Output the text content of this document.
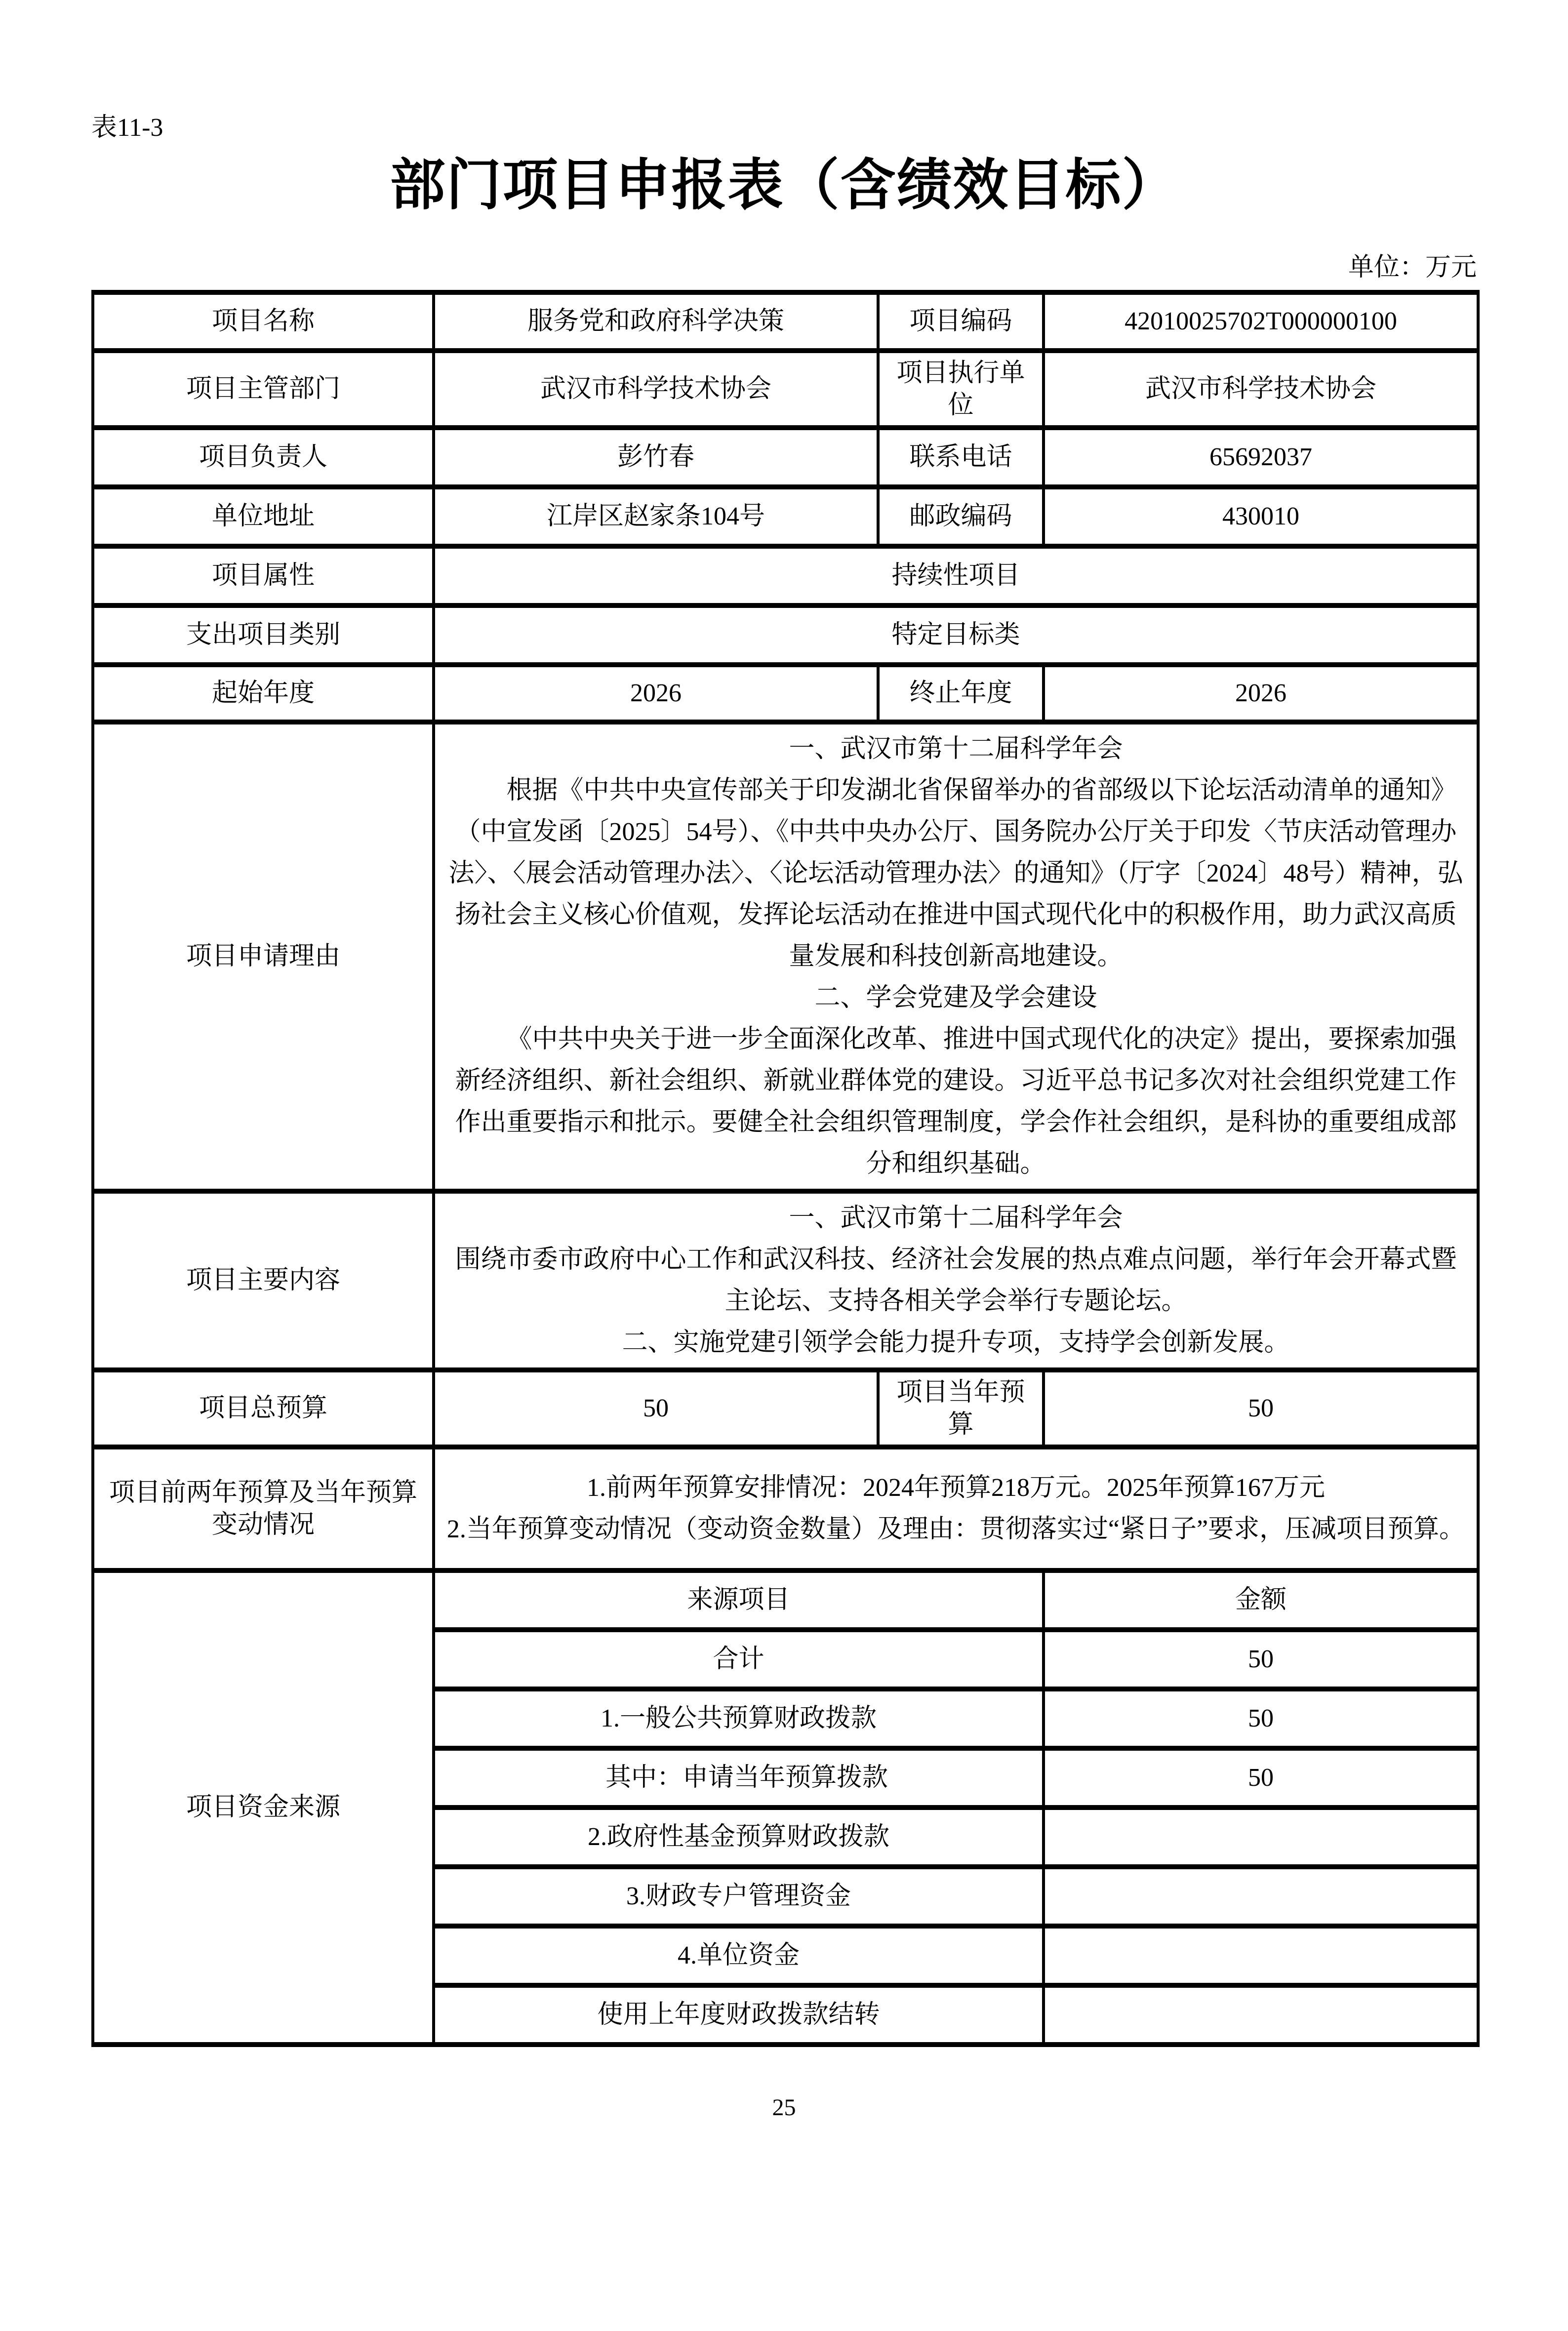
表11-3
部门项目申报表（含绩效目标）
单位：万元
项目名称	服务党和政府科学决策	项目编码	42010025702T000000100
项目主管部门	武汉市科学技术协会	项目执行单位	武汉市科学技术协会
项目负责人	彭竹春	联系电话	65692037
单位地址	江岸区赵家条104号	邮政编码	430010
项目属性	持续性项目		
支出项目类别	特定目标类		
起始年度	2026	终止年度	2026
项目申请理由	一、武汉市第十二届科学年会

根据《中共中央宣传部关于印发湖北省保留举办的省部级以下论坛活动清单的通知》（中宣发函〔2025〕54号）、《中共中央办公厅、国务院办公厅关于印发〈节庆活动管理办法〉、〈展会活动管理办法〉、〈论坛活动管理办法〉的通知》（厅字〔2024〕48号）精神，弘扬社会主义核心价值观，发挥论坛活动在推进中国式现代化中的积极作用，助力武汉高质量发展和科技创新高地建设。

二、学会党建及学会建设

《中共中央关于进一步全面深化改革、推进中国式现代化的决定》提出，要探索加强新经济组织、新社会组织、新就业群体党的建设。习近平总书记多次对社会组织党建工作作出重要指示和批示。要健全社会组织管理制度，学会作社会组织，是科协的重要组成部分和组织基础。		

项目主要内容	一、武汉市第十二届科学年会

围绕市委市政府中心工作和武汉科技、经济社会发展的热点难点问题，举行年会开幕式暨主论坛、支持各相关学会举行专题论坛。

二、实施党建引领学会能力提升专项，支持学会创新发展。		

项目总预算	50	项目当年预算	50
项目前两年预算及当年预算变动情况	1.前两年预算安排情况：2024年预算218万元。2025年预算167万元

2.当年预算变动情况（变动资金数量）及理由：贯彻落实过“紧日子”要求，压减项目预算。		

项目资金来源	来源项目		金额
	合计		50
	1.一般公共预算财政拨款		50
	其中：申请当年预算拨款		50
	2.政府性基金预算财政拨款		
	3.财政专户管理资金		
	4.单位资金		
	使用上年度财政拨款结转		
25
